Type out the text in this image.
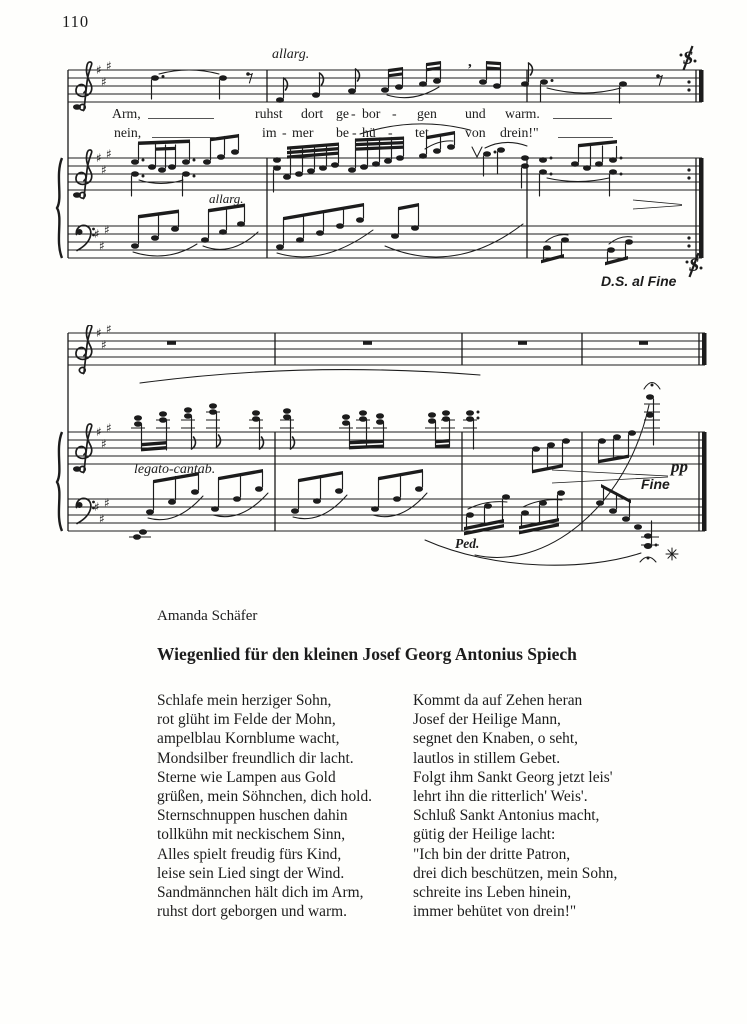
110
♯
♯
♯
♯
♯
♯
♯
♯
♯
,
allarg.
allarg.
D.S. al Fine
S
S
Arm,	ruhst dort ge - bor - gen und warm.
nein,	im - mer be - hü - tet	von drein!"
♯
♯
♯
♯
♯
♯
♯
♯
♯
legato-cantab.	pp
Fine
Ped.
Amanda Schäfer
Wiegenlied für den kleinen Josef Georg Antonius Spiech
Schlafe mein herziger Sohn,
rot glüht im Felde der Mohn,
ampelblau Kornblume wacht,
Mondsilber freundlich dir lacht.
Sterne wie Lampen aus Gold
grüßen, mein Söhnchen, dich hold.
Sternschnuppen huschen dahin
tollkühn mit neckischem Sinn,
Alles spielt freudig fürs Kind,
leise sein Lied singt der Wind.
Sandmännchen hält dich im Arm,
ruhst dort geborgen und warm.
Kommt da auf Zehen heran
Josef der Heilige Mann,
segnet den Knaben, o seht,
lautlos in stillem Gebet.
Folgt ihm Sankt Georg jetzt leis'
lehrt ihn die ritterlich' Weis'.
Schluß Sankt Antonius macht,
gütig der Heilige lacht:
"Ich bin der dritte Patron,
drei dich beschützen, mein Sohn,
schreite ins Leben hinein,
immer behütet von drein!"
